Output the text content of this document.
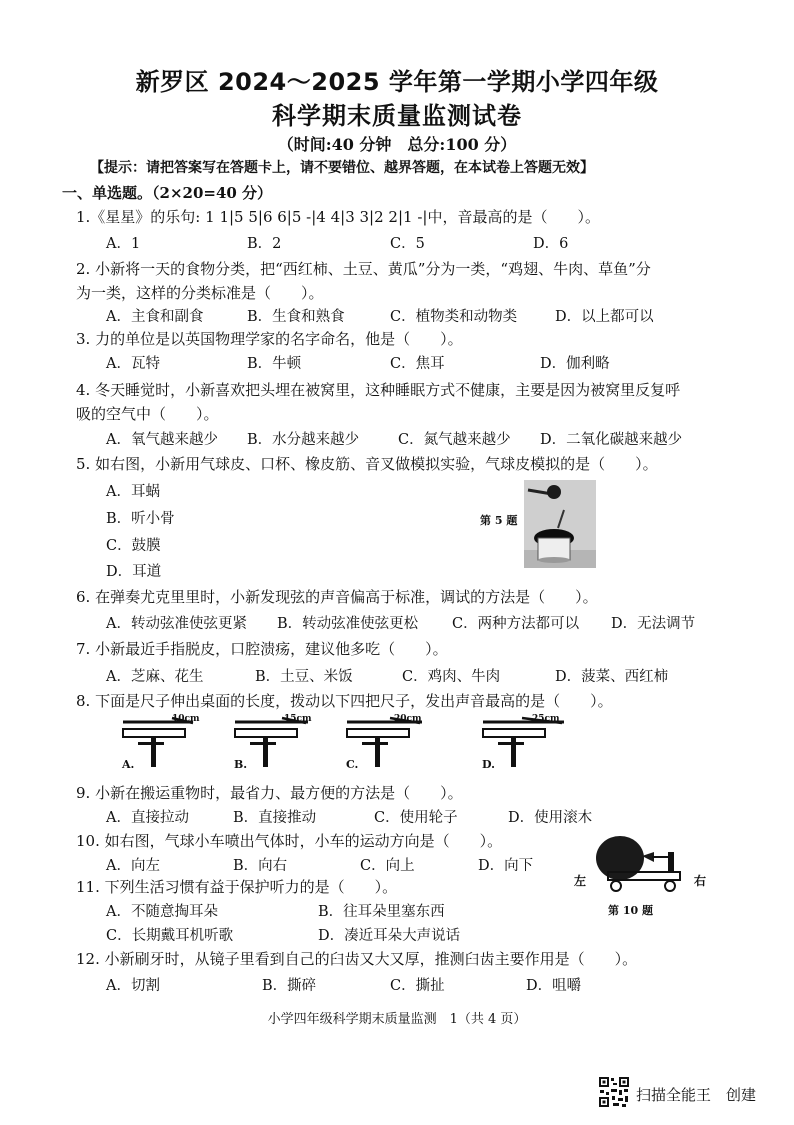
新罗区 2024～2025 学年第一学期小学四年级
科学期末质量监测试卷
（时间:40 分钟　总分:100 分）
【提示：请把答案写在答题卡上，请不要错位、越界答题，在本试卷上答题无效】
一、单选题。（2×20=40 分）
1.《星星》的乐句: 1 1|5 5|6 6|5 -|4 4|3 3|2 2|1 -|中，音最高的是（　　）。
A．1	B．2	C．5	D．6
2. 小新将一天的食物分类，把“西红柿、土豆、黄瓜”分为一类，“鸡翅、牛肉、草鱼”分
为一类，这样的分类标准是（　　）。
A．主食和副食	B．生食和熟食	C．植物类和动物类	D．以上都可以
3. 力的单位是以英国物理学家的名字命名，他是（　　）。
A．瓦特	B．牛顿	C．焦耳	D．伽利略
4. 冬天睡觉时，小新喜欢把头埋在被窝里，这种睡眠方式不健康，主要是因为被窝里反复呼
吸的空气中（　　）。
A．氧气越来越少 B．水分越来越少	C．氮气越来越少 D．二氧化碳越来越少
5. 如右图，小新用气球皮、口杯、橡皮筋、音叉做模拟实验，气球皮模拟的是（　　）。
A．耳蜗
B．听小骨
C．鼓膜
D．耳道
第 5 题
6. 在弹奏尤克里里时，小新发现弦的声音偏高于标准，调试的方法是（　　）。
A．转动弦准使弦更紧 B．转动弦准使弦更松 C．两种方法都可以 D．无法调节
7. 小新最近手指脱皮，口腔溃疡，建议他多吃（　　）。
A．芝麻、花生	B．土豆、米饭	C．鸡肉、牛肉	D．菠菜、西红柿
8. 下面是尺子伸出桌面的长度，拨动以下四把尺子，发出声音最高的是（　　）。
10cm
A.
15cm
B.
20cm
C.
25cm
D.
9. 小新在搬运重物时，最省力、最方便的方法是（　　）。
A．直接拉动	B．直接推动	C．使用轮子	D．使用滚木
10. 如右图，气球小车喷出气体时，小车的运动方向是（　　）。
A．向左	B．向右	C．向上	D．向下
左	右
第 10 题
11. 下列生活习惯有益于保护听力的是（　　）。
A．不随意掏耳朵	B．往耳朵里塞东西
C．长期戴耳机听歌	D．凑近耳朵大声说话
12. 小新刷牙时，从镜子里看到自己的臼齿又大又厚，推测臼齿主要作用是（　　）。
A．切割	B．撕碎	C．撕扯	D．咀嚼
小学四年级科学期末质量监测　1（共 4 页）
扫描全能王　创建
